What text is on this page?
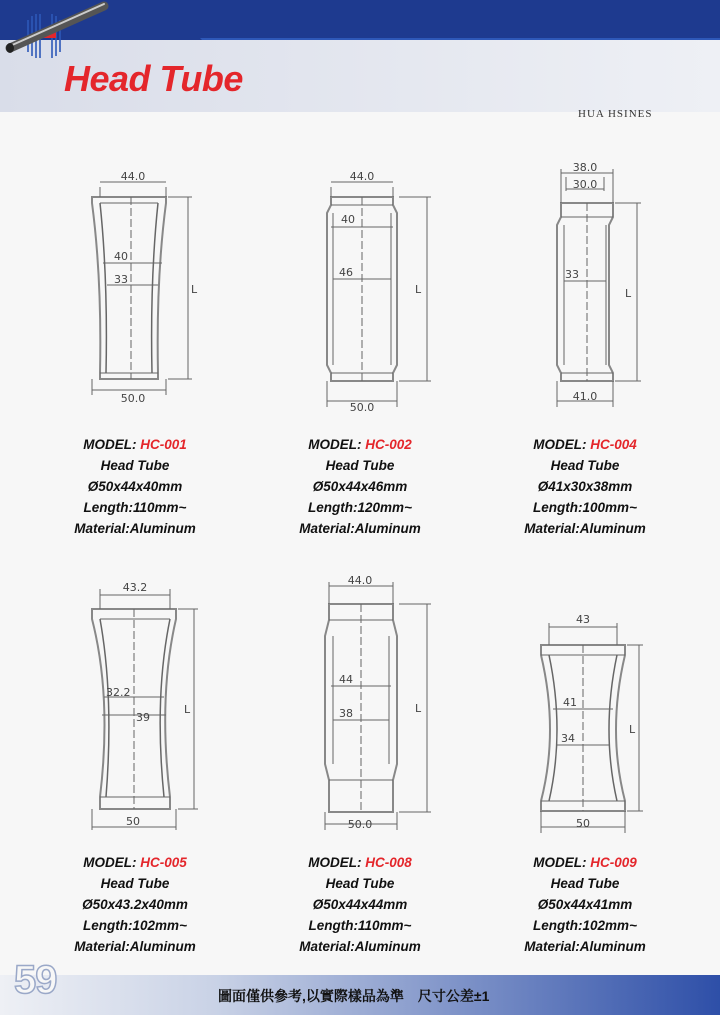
Head Tube
HUA HSINES
44.0
40
33
50.0
L
MODEL: HC-001
Head Tube
Ø50x44x40mm
Length:110mm~
Material:Aluminum
44.0
40
46
50.0
L
MODEL: HC-002
Head Tube
Ø50x44x46mm
Length:120mm~
Material:Aluminum
38.0
30.0
33
41.0
L
MODEL: HC-004
Head Tube
Ø41x30x38mm
Length:100mm~
Material:Aluminum
43.2
32.2
39
50
L
MODEL: HC-005
Head Tube
Ø50x43.2x40mm
Length:102mm~
Material:Aluminum
44.0
44
38
50.0
L
MODEL: HC-008
Head Tube
Ø50x44x44mm
Length:110mm~
Material:Aluminum
43
41
34
50
L
MODEL: HC-009
Head Tube
Ø50x44x41mm
Length:102mm~
Material:Aluminum
59	圖面僅供參考,以實際樣品為準　尺寸公差±1
